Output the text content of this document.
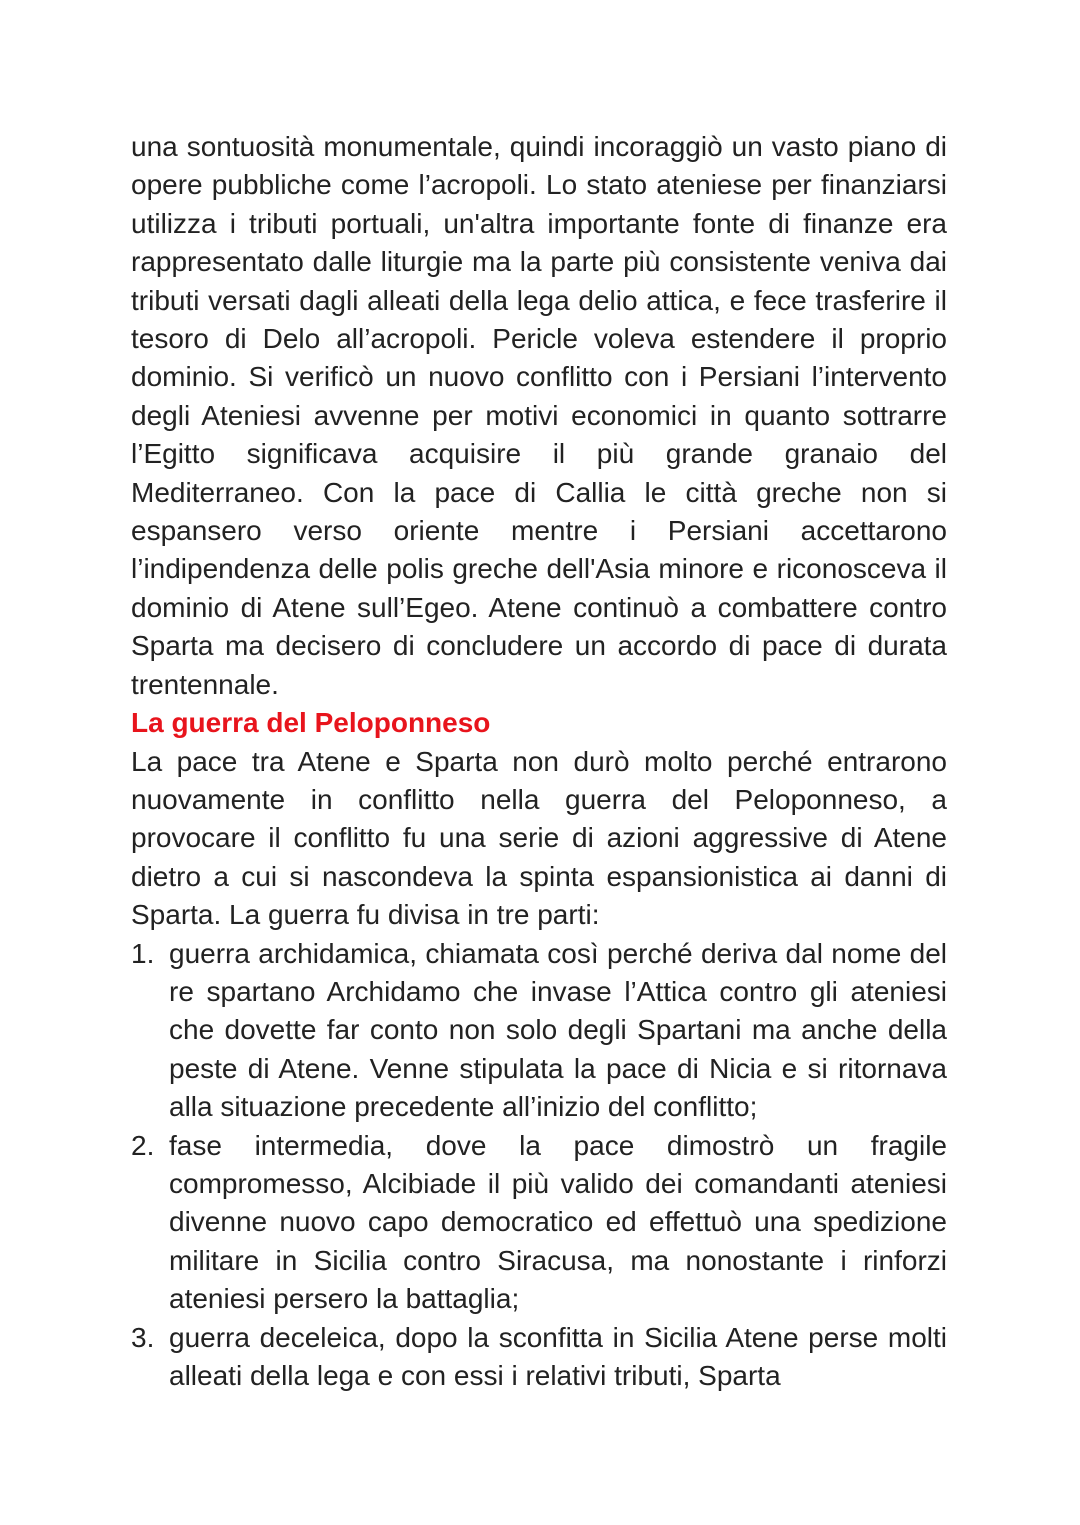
una sontuosità monumentale, quindi incoraggiò un vasto piano di opere pubbliche come l’acropoli. Lo stato ateniese per finanziarsi utilizza i tributi portuali, un'altra importante fonte di finanze era rappresentato dalle liturgie ma la parte più consistente veniva dai tributi versati dagli alleati della lega delio attica, e fece trasferire il tesoro di Delo all’acropoli. Pericle voleva estendere il proprio dominio. Si verificò un nuovo conflitto con i Persiani l’intervento degli Ateniesi avvenne per motivi economici in quanto sottrarre l’Egitto significava acquisire il più grande granaio del Mediterraneo. Con la pace di Callia le città greche non si espansero verso oriente mentre i Persiani accettarono l’indipendenza delle polis greche dell'Asia minore e riconosceva il dominio di Atene sull’Egeo. Atene continuò a combattere contro Sparta ma decisero di concludere un accordo di pace di durata trentennale.

La guerra del Peloponneso

La pace tra Atene e Sparta non durò molto perché entrarono nuovamente in conflitto nella guerra del Peloponneso, a provocare il conflitto fu una serie di azioni aggressive di Atene dietro a cui si nascondeva la spinta espansionistica ai danni di Sparta. La guerra fu divisa in tre parti:

1. guerra archidamica, chiamata così perché deriva dal nome del re spartano Archidamo che invase l’Attica contro gli ateniesi che dovette far conto non solo degli Spartani ma anche della peste di Atene. Venne stipulata la pace di Nicia e si ritornava alla situazione precedente all’inizio del conflitto;
2. fase intermedia, dove la pace dimostrò un fragile compromesso, Alcibiade il più valido dei comandanti ateniesi divenne nuovo capo democratico ed effettuò una spedizione militare in Sicilia contro Siracusa, ma nonostante i rinforzi ateniesi persero la battaglia;
3. guerra deceleica, dopo la sconfitta in Sicilia Atene perse molti alleati della lega e con essi i relativi tributi, Sparta
